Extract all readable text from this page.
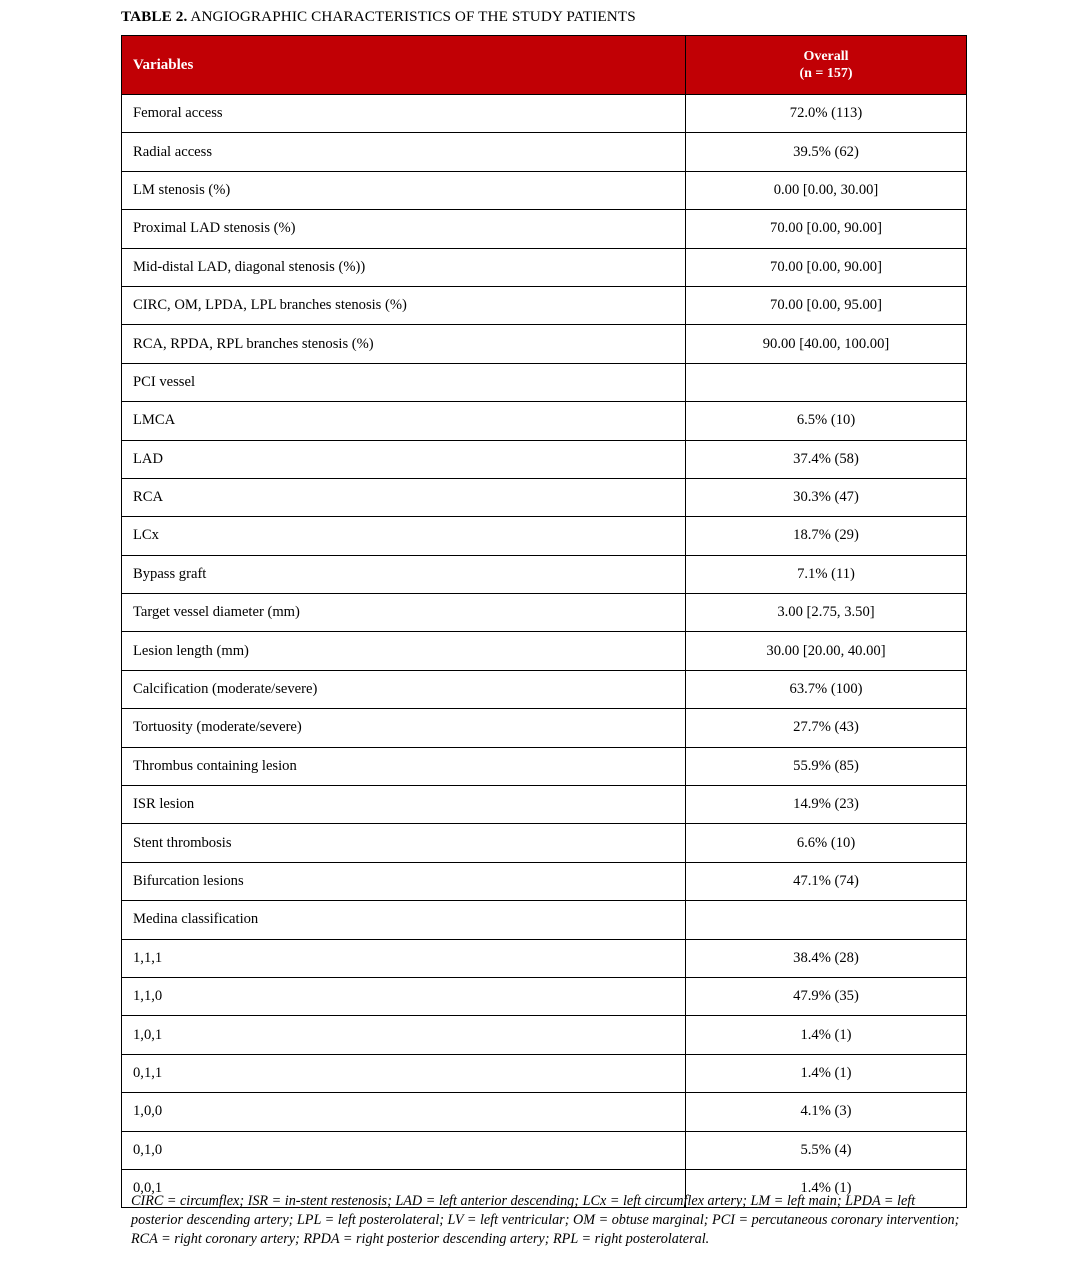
TABLE 2. ANGIOGRAPHIC CHARACTERISTICS OF THE STUDY PATIENTS
Variables	Overall
(n = 157)

Femoral access	72.0% (113)
Radial access	39.5% (62)
LM stenosis (%)	0.00 [0.00, 30.00]
Proximal LAD stenosis (%)	70.00 [0.00, 90.00]
Mid-distal LAD, diagonal stenosis (%))	70.00 [0.00, 90.00]
CIRC, OM, LPDA, LPL branches stenosis (%)	70.00 [0.00, 95.00]
RCA, RPDA, RPL branches stenosis (%)	90.00 [40.00, 100.00]
PCI vessel	
LMCA	6.5% (10)
LAD	37.4% (58)
RCA	30.3% (47)
LCx	18.7% (29)
Bypass graft	7.1% (11)
Target vessel diameter (mm)	3.00 [2.75, 3.50]
Lesion length (mm)	30.00 [20.00, 40.00]
Calcification (moderate/severe)	63.7% (100)
Tortuosity (moderate/severe)	27.7% (43)
Thrombus containing lesion	55.9% (85)
ISR lesion	14.9% (23)
Stent thrombosis	6.6% (10)
Bifurcation lesions	47.1% (74)
Medina classification	
1,1,1	38.4% (28)
1,1,0	47.9% (35)
1,0,1	1.4% (1)
0,1,1	1.4% (1)
1,0,0	4.1% (3)
0,1,0	5.5% (4)
0,0,1	1.4% (1)
CIRC = circumflex; ISR = in-stent restenosis; LAD = left anterior descending; LCx = left circumflex artery; LM = left main; LPDA = left posterior descending artery; LPL = left posterolateral; LV = left ventricular; OM = obtuse marginal; PCI = percutaneous coronary intervention; RCA = right coronary artery; RPDA = right posterior descending artery; RPL = right posterolateral.
